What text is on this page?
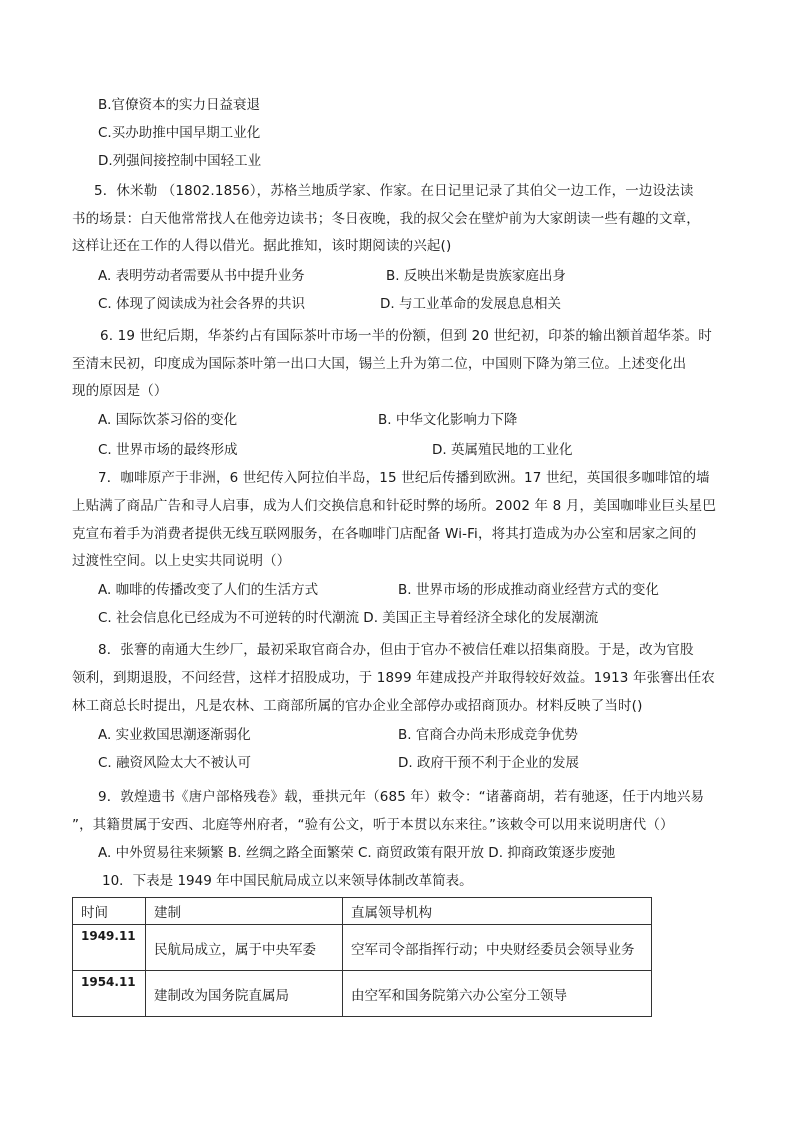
B.官僚资本的实力日益衰退
C.买办助推中国早期工业化
D.列强间接控制中国轻工业
5．休米勒 （1802.1856），苏格兰地质学家、作家。在日记里记录了其伯父一边工作，一边设法读
书的场景：白天他常常找人在他旁边读书；冬日夜晚，我的叔父会在壁炉前为大家朗读一些有趣的文章，
这样让还在工作的人得以借光。据此推知，该时期阅读的兴起()
A. 表明劳动者需要从书中提升业务	B. 反映出米勒是贵族家庭出身
C. 体现了阅读成为社会各界的共识	D. 与工业革命的发展息息相关
6. 19 世纪后期，华茶约占有国际茶叶市场一半的份额，但到 20 世纪初，印茶的输出额首超华茶。时
至清末民初，印度成为国际茶叶第一出口大国，锡兰上升为第二位，中国则下降为第三位。上述变化出
现的原因是（）
A. 国际饮茶习俗的变化	B. 中华文化影响力下降
C. 世界市场的最终形成	D. 英属殖民地的工业化
7．咖啡原产于非洲，6 世纪传入阿拉伯半岛，15 世纪后传播到欧洲。17 世纪，英国很多咖啡馆的墙
上贴满了商品广告和寻人启事，成为人们交换信息和针砭时弊的场所。2002 年 8 月，美国咖啡业巨头星巴
克宣布着手为消费者提供无线互联网服务，在各咖啡门店配备 Wi-Fi，将其打造成为办公室和居家之间的
过渡性空间。以上史实共同说明（）
A. 咖啡的传播改变了人们的生活方式	B. 世界市场的形成推动商业经营方式的变化
C. 社会信息化已经成为不可逆转的时代潮流 D. 美国正主导着经济全球化的发展潮流
8．张謇的南通大生纱厂，最初采取官商合办，但由于官办不被信任难以招集商股。于是，改为官股
领利，到期退股，不问经营，这样才招股成功，于 1899 年建成投产并取得较好效益。1913 年张謇出任农
林工商总长时提出，凡是农林、工商部所属的官办企业全部停办或招商顶办。材料反映了当时()
A. 实业救国思潮逐渐弱化	B. 官商合办尚未形成竞争优势
C. 融资风险太大不被认可	D. 政府干预不利于企业的发展
9．敦煌遗书《唐户部格残卷》载，垂拱元年（685 年）敕令：“诸蕃商胡，若有驰逐，任于内地兴易
”，其籍贯属于安西、北庭等州府者，“验有公文，听于本贯以东来往。”该敕令可以用来说明唐代（）
A. 中外贸易往来频繁 B. 丝绸之路全面繁荣 C. 商贸政策有限开放 D. 抑商政策逐步废弛
10．下表是 1949 年中国民航局成立以来领导体制改革简表。
时间	建制	直属领导机构
1949.11	民航局成立，属于中央军委	空军司令部指挥行动；中央财经委员会领导业务
1954.11	建制改为国务院直属局	由空军和国务院第六办公室分工领导
